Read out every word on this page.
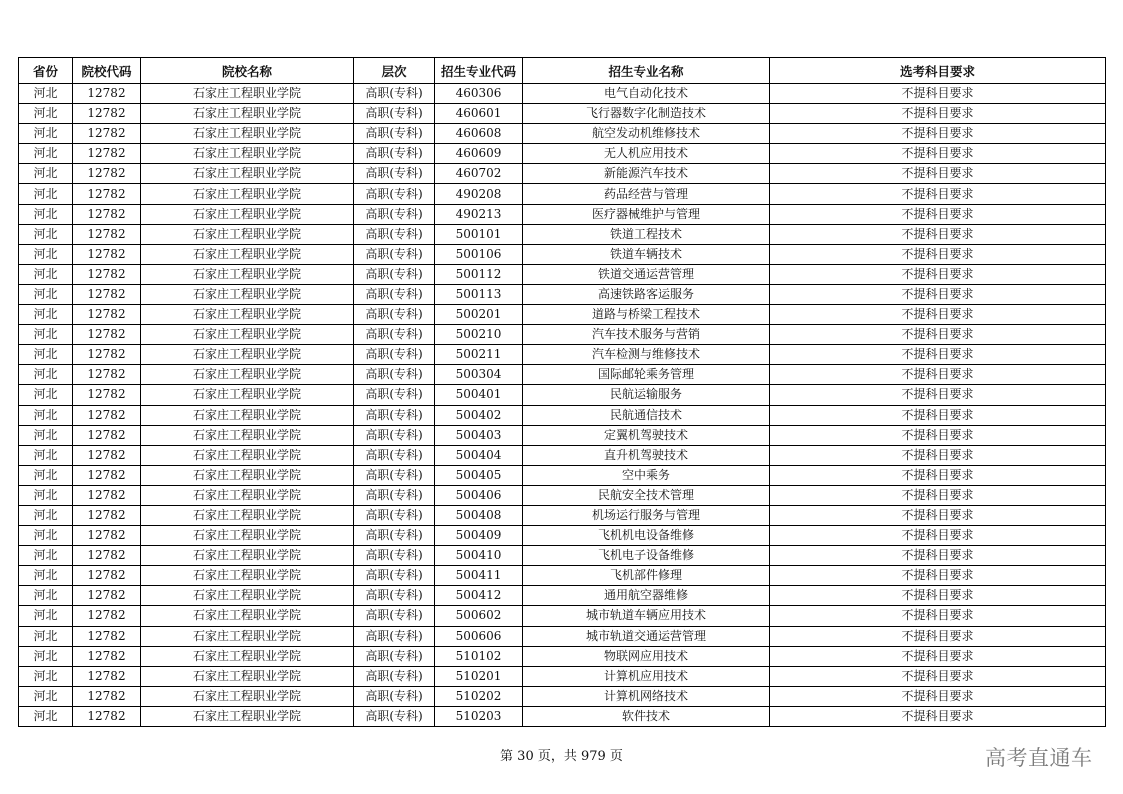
省份	院校代码	院校名称	层次	招生专业代码	招生专业名称	选考科目要求
河北	12782	石家庄工程职业学院	高职(专科)	460306	电气自动化技术	不提科目要求
河北	12782	石家庄工程职业学院	高职(专科)	460601	飞行器数字化制造技术	不提科目要求
河北	12782	石家庄工程职业学院	高职(专科)	460608	航空发动机维修技术	不提科目要求
河北	12782	石家庄工程职业学院	高职(专科)	460609	无人机应用技术	不提科目要求
河北	12782	石家庄工程职业学院	高职(专科)	460702	新能源汽车技术	不提科目要求
河北	12782	石家庄工程职业学院	高职(专科)	490208	药品经营与管理	不提科目要求
河北	12782	石家庄工程职业学院	高职(专科)	490213	医疗器械维护与管理	不提科目要求
河北	12782	石家庄工程职业学院	高职(专科)	500101	铁道工程技术	不提科目要求
河北	12782	石家庄工程职业学院	高职(专科)	500106	铁道车辆技术	不提科目要求
河北	12782	石家庄工程职业学院	高职(专科)	500112	铁道交通运营管理	不提科目要求
河北	12782	石家庄工程职业学院	高职(专科)	500113	高速铁路客运服务	不提科目要求
河北	12782	石家庄工程职业学院	高职(专科)	500201	道路与桥梁工程技术	不提科目要求
河北	12782	石家庄工程职业学院	高职(专科)	500210	汽车技术服务与营销	不提科目要求
河北	12782	石家庄工程职业学院	高职(专科)	500211	汽车检测与维修技术	不提科目要求
河北	12782	石家庄工程职业学院	高职(专科)	500304	国际邮轮乘务管理	不提科目要求
河北	12782	石家庄工程职业学院	高职(专科)	500401	民航运输服务	不提科目要求
河北	12782	石家庄工程职业学院	高职(专科)	500402	民航通信技术	不提科目要求
河北	12782	石家庄工程职业学院	高职(专科)	500403	定翼机驾驶技术	不提科目要求
河北	12782	石家庄工程职业学院	高职(专科)	500404	直升机驾驶技术	不提科目要求
河北	12782	石家庄工程职业学院	高职(专科)	500405	空中乘务	不提科目要求
河北	12782	石家庄工程职业学院	高职(专科)	500406	民航安全技术管理	不提科目要求
河北	12782	石家庄工程职业学院	高职(专科)	500408	机场运行服务与管理	不提科目要求
河北	12782	石家庄工程职业学院	高职(专科)	500409	飞机机电设备维修	不提科目要求
河北	12782	石家庄工程职业学院	高职(专科)	500410	飞机电子设备维修	不提科目要求
河北	12782	石家庄工程职业学院	高职(专科)	500411	飞机部件修理	不提科目要求
河北	12782	石家庄工程职业学院	高职(专科)	500412	通用航空器维修	不提科目要求
河北	12782	石家庄工程职业学院	高职(专科)	500602	城市轨道车辆应用技术	不提科目要求
河北	12782	石家庄工程职业学院	高职(专科)	500606	城市轨道交通运营管理	不提科目要求
河北	12782	石家庄工程职业学院	高职(专科)	510102	物联网应用技术	不提科目要求
河北	12782	石家庄工程职业学院	高职(专科)	510201	计算机应用技术	不提科目要求
河北	12782	石家庄工程职业学院	高职(专科)	510202	计算机网络技术	不提科目要求
河北	12782	石家庄工程职业学院	高职(专科)	510203	软件技术	不提科目要求
第 30 页，共 979 页	高考直通车
